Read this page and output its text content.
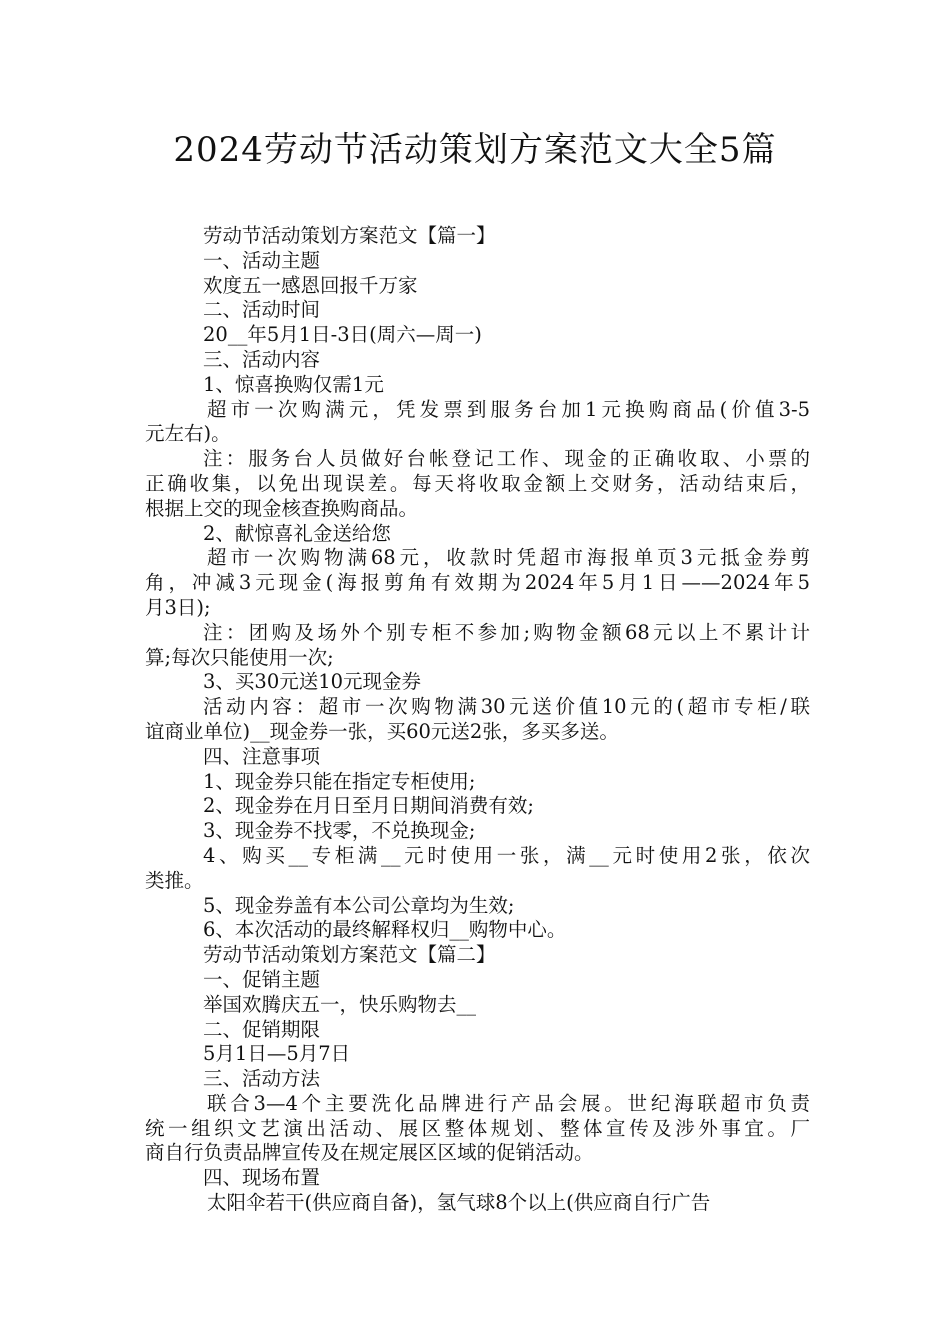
2024劳动节活动策划方案范文大全5篇
劳动节活动策划方案范文【篇一】
一、活动主题
欢度五一感恩回报千万家
二、活动时间
20__年5月1日-3日(周六—周一)
三、活动内容
1、惊喜换购仅需1元
超市一次购满元，凭发票到服务台加1元换购商品(价值3-5
元左右)。
注：服务台人员做好台帐登记工作、现金的正确收取、小票的
正确收集，以免出现误差。每天将收取金额上交财务，活动结束后，
根据上交的现金核查换购商品。
2、献惊喜礼金送给您
超市一次购物满68元，收款时凭超市海报单页3元抵金券剪
角，冲减3元现金(海报剪角有效期为2024年5月1日——2024年5
月3日);
注：团购及场外个别专柜不参加;购物金额68元以上不累计计
算;每次只能使用一次;
3、买30元送10元现金券
活动内容：超市一次购物满30元送价值10元的(超市专柜/联
谊商业单位)__现金券一张，买60元送2张，多买多送。
四、注意事项
1、现金券只能在指定专柜使用;
2、现金券在月日至月日期间消费有效;
3、现金券不找零，不兑换现金;
4、购买__专柜满__元时使用一张，满__元时使用2张，依次
类推。
5、现金券盖有本公司公章均为生效;
6、本次活动的最终解释权归__购物中心。
劳动节活动策划方案范文【篇二】
一、促销主题
举国欢腾庆五一，快乐购物去__
二、促销期限
5月1日—5月7日
三、活动方法
联合3—4个主要洗化品牌进行产品会展。世纪海联超市负责
统一组织文艺演出活动、展区整体规划、整体宣传及涉外事宜。厂
商自行负责品牌宣传及在规定展区区域的促销活动。
四、现场布置
太阳伞若干(供应商自备)，氢气球8个以上(供应商自行广告
